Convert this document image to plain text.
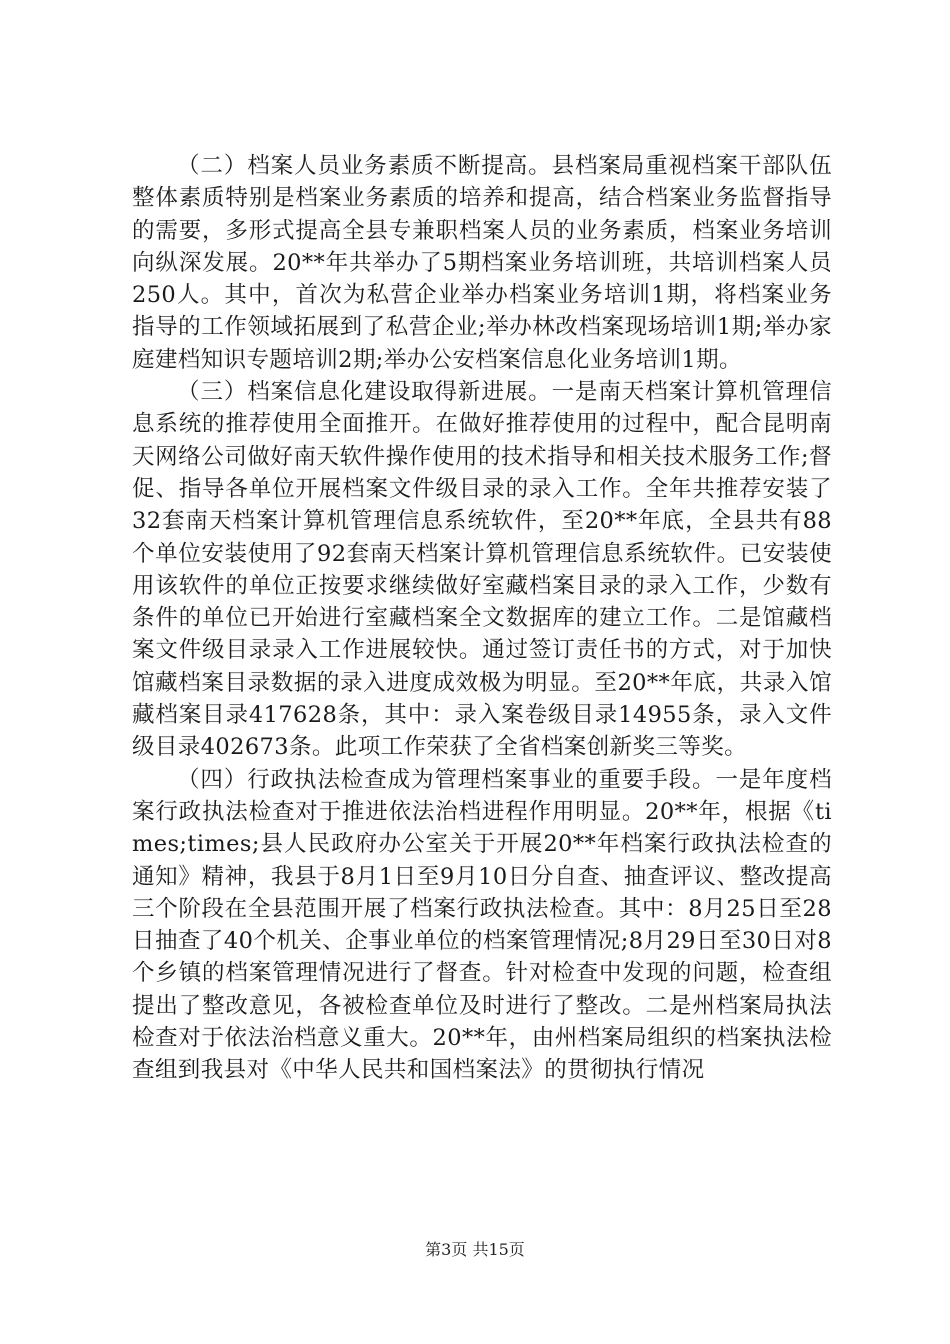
（二）档案人员业务素质不断提高。县档案局重视档案干部队伍整体素质特别是档案业务素质的培养和提高，结合档案业务监督指导的需要，多形式提高全县专兼职档案人员的业务素质，档案业务培训向纵深发展。20**年共举办了5期档案业务培训班，共培训档案人员250人。其中，首次为私营企业举办档案业务培训1期，将档案业务指导的工作领域拓展到了私营企业;举办林改档案现场培训1期;举办家庭建档知识专题培训2期;举办公安档案信息化业务培训1期。

（三）档案信息化建设取得新进展。一是南天档案计算机管理信息系统的推荐使用全面推开。在做好推荐使用的过程中，配合昆明南天网络公司做好南天软件操作使用的技术指导和相关技术服务工作;督促、指导各单位开展档案文件级目录的录入工作。全年共推荐安装了32套南天档案计算机管理信息系统软件，至20**年底，全县共有88个单位安装使用了92套南天档案计算机管理信息系统软件。已安装使用该软件的单位正按要求继续做好室藏档案目录的录入工作，少数有条件的单位已开始进行室藏档案全文数据库的建立工作。二是馆藏档案文件级目录录入工作进展较快。通过签订责任书的方式，对于加快馆藏档案目录数据的录入进度成效极为明显。至20**年底，共录入馆藏档案目录417628条，其中：录入案卷级目录14955条，录入文件级目录402673条。此项工作荣获了全省档案创新奖三等奖。

（四）行政执法检查成为管理档案事业的重要手段。一是年度档案行政执法检查对于推进依法治档进程作用明显。20**年，根据《times;times;县人民政府办公室关于开展20**年档案行政执法检查的通知》精神，我县于8月1日至9月10日分自查、抽查评议、整改提高三个阶段在全县范围开展了档案行政执法检查。其中：8月25日至28日抽查了40个机关、企事业单位的档案管理情况;8月29日至30日对8个乡镇的档案管理情况进行了督查。针对检查中发现的问题，检查组提出了整改意见，各被检查单位及时进行了整改。二是州档案局执法检查对于依法治档意义重大。20**年，由州档案局组织的档案执法检查组到我县对《中华人民共和国档案法》的贯彻执行情况

第3页 共15页
